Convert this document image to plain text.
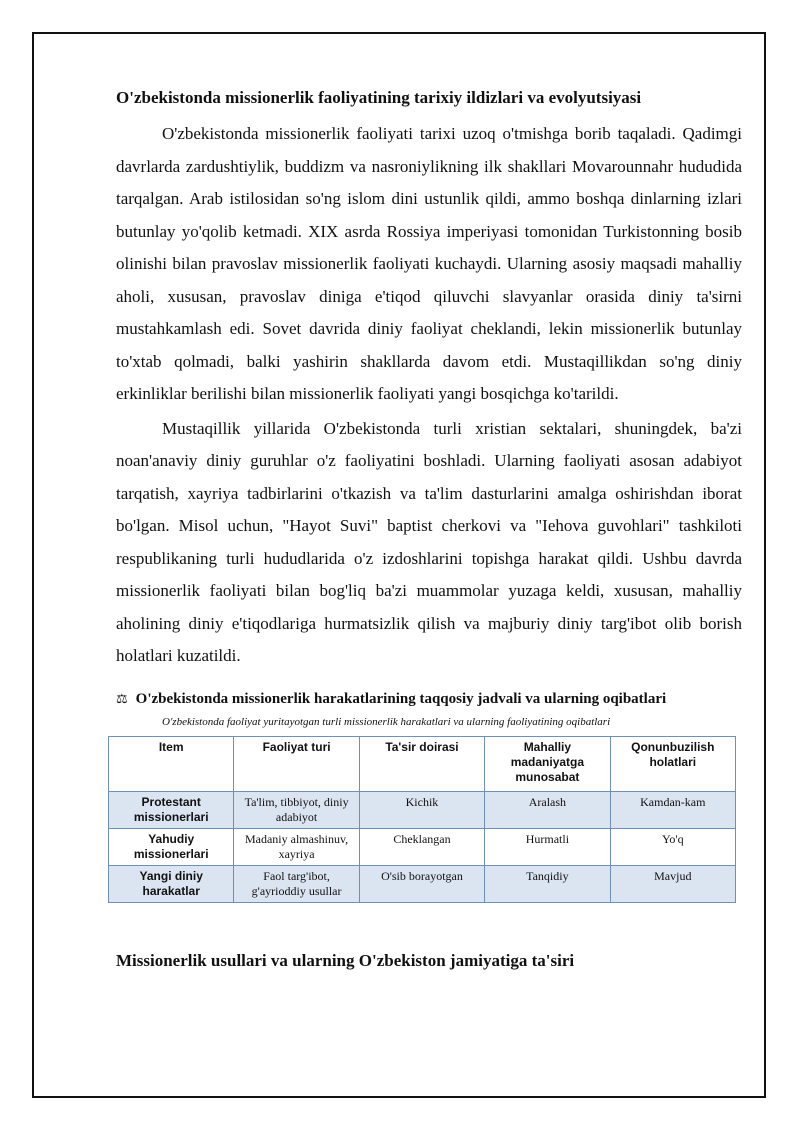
O'zbekistonda missionerlik faoliyatining tarixiy ildizlari va evolyutsiyasi

O'zbekistonda missionerlik faoliyati tarixi uzoq o'tmishga borib taqaladi. Qadimgi davrlarda zardushtiylik, buddizm va nasroniylikning ilk shakllari Movarounnahr hududida tarqalgan. Arab istilosidan so'ng islom dini ustunlik qildi, ammo boshqa dinlarning izlari butunlay yo'qolib ketmadi. XIX asrda Rossiya imperiyasi tomonidan Turkistonning bosib olinishi bilan pravoslav missionerlik faoliyati kuchaydi. Ularning asosiy maqsadi mahalliy aholi, xususan, pravoslav diniga e'tiqod qiluvchi slavyanlar orasida diniy ta'sirni mustahkamlash edi. Sovet davrida diniy faoliyat cheklandi, lekin missionerlik butunlay to'xtab qolmadi, balki yashirin shakllarda davom etdi. Mustaqillikdan so'ng diniy erkinliklar berilishi bilan missionerlik faoliyati yangi bosqichga ko'tarildi.

Mustaqillik yillarida O'zbekistonda turli xristian sektalari, shuningdek, ba'zi noan'anaviy diniy guruhlar o'z faoliyatini boshladi. Ularning faoliyati asosan adabiyot tarqatish, xayriya tadbirlarini o'tkazish va ta'lim dasturlarini amalga oshirishdan iborat bo'lgan. Misol uchun, "Hayot Suvi" baptist cherkovi va "Iehova guvohlari" tashkiloti respublikaning turli hududlarida o'z izdoshlarini topishga harakat qildi. Ushbu davrda missionerlik faoliyati bilan bog'liq ba'zi muammolar yuzaga keldi, xususan, mahalliy aholining diniy e'tiqodlariga hurmatsizlik qilish va majburiy diniy targ'ibot olib borish holatlari kuzatildi.

⚖ O'zbekistonda missionerlik harakatlarining taqqosiy jadvali va ularning oqibatlari
O'zbekistonda faoliyat yuritayotgan turli missionerlik harakatlari va ularning faoliyatining oqibatlari
Item	Faoliyat turi	Ta'sir doirasi	Mahalliy madaniyatga munosabat	Qonunbuzilish holatlari
Protestant missionerlari	Ta'lim, tibbiyot, diniy adabiyot	Kichik	Aralash	Kamdan-kam
Yahudiy missionerlari	Madaniy almashinuv, xayriya	Cheklangan	Hurmatli	Yo'q
Yangi diniy harakatlar	Faol targ'ibot, g'ayrioddiy usullar	O'sib borayotgan	Tanqidiy	Mavjud
Missionerlik usullari va ularning O'zbekiston jamiyatiga ta'siri
